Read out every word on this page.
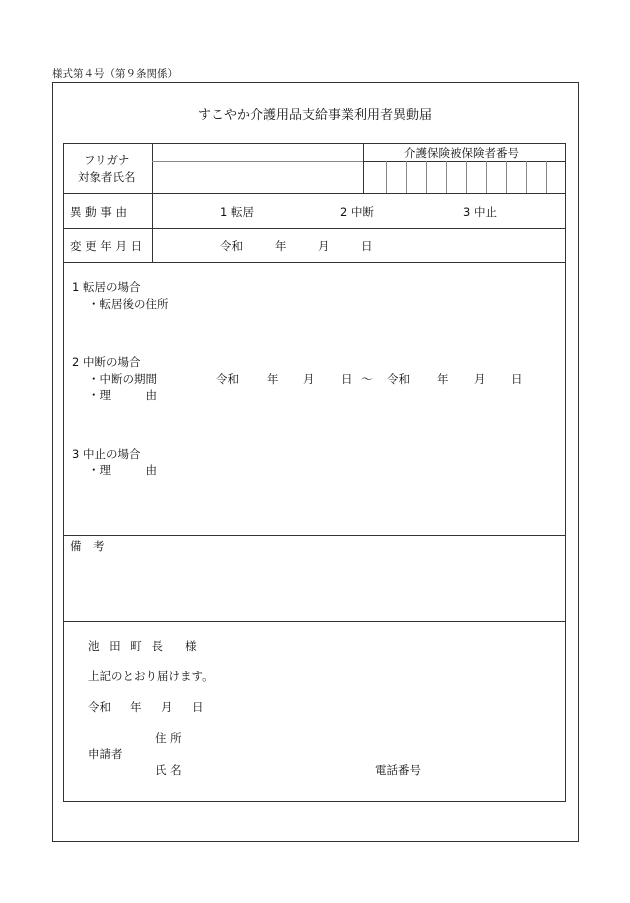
様式第４号（第９条関係）
すこやか介護用品支給事業利用者異動届
フリガナ
対象者氏名
介護保険被保険者番号
異 動 事 由	1 転居	2 中断	3 中止
変 更 年 月 日	令和	年	月	日
1 転居の場合
・転居後の住所
2 中断の場合
・中断の期間	令和 年 月 日 ～ 令和 年 月 日
・理　　　由
3 中止の場合
・理　　　由
備　考
池 田 町 長 様
上記のとおり届けます。
令和 年 月 日
住 所
申請者
氏 名	電話番号
